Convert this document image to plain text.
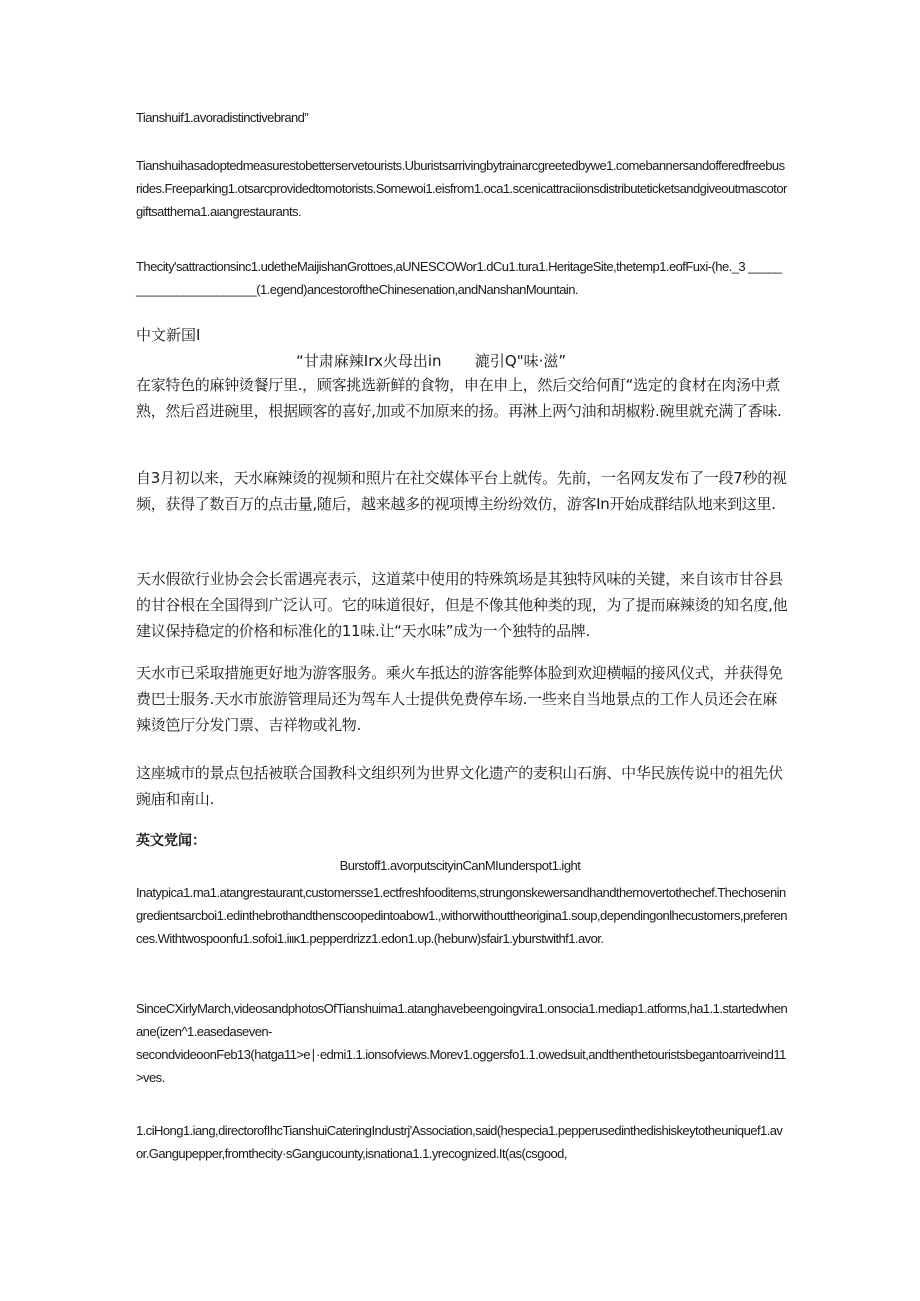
Tianshuif1.avoradistinctivebrand”

Tianshuihasadoptedmeasurestobetterservetourists.Uburistsarrivingbytrainarcgreetedbywe1.comebannersandofferedfreebusrides.Freeparking1.otsarcprovidedtomotorists.Somewoi1.eisfrom1.oca1.scenicattraciionsdistributeticketsandgiveoutmascotorgiftsatthema1.aιangrestaurants.

Thecity'sattractionsinc1.udetheMaijishanGrottoes,aUNESCOWor1.dCu1.tura1.HeritageSite,thetemp1.eofFuxi-(he._3 _______________________(1.egend)ancestoroftheChinesenation,andNanshanMountain.

中文新国I

“甘肃麻辣Irx火母出in       漉引Q"味·滋”

在家特色的麻钟烫餐厅里.，顾客挑选新鲜的食物，申在申上，然后交给何酊“选定的食材在肉汤中煮熟，然后舀进碗里，根据顾客的喜好,加或不加原来的扬。再淋上两勺油和胡椒粉.碗里就充满了香味.

自3月初以来，天水麻辣烫的视频和照片在社交媒体平台上就传。先前，一名网友发布了一段7秒的视频，获得了数百万的点击量,随后，越来越多的视项博主纷纷效仿，游客In开始成群结队地来到这里.

天水假欲行业协会会长雷遇亮表示，这道菜中使用的特殊筑场是其独特风味的关键，来自该市甘谷县的甘谷根在全国得到广泛认可。它的味道很好，但是不像其他种类的现，为了提而麻辣烫的知名度,他建议保持稳定的价格和标准化的11味.让“天水味”成为一个独特的品牌.

天水市已采取措施更好地为游客服务。乘火车抵达的游客能弊体脸到欢迎横幅的接风仪式，并获得免费巴士服务.天水市旅游管理局还为驾车人士提供免费停车场.一些来自当地景点的工作人员还会在麻辣烫笆厅分发门票、吉祥物或礼物.

这座城市的景点包括被联合国教科文组织列为世界文化遗产的麦积山石旃、中华民族传说中的祖先伏豌庙和南山.

英文党闻：

Burstoff1.avorputscityinCanMIunderspot1.ight

Inatypica1.ma1.atangrestaurant,customersse1.ectfreshfooditems,strungonskewersandhandthemovertothechef.Thechoseningredientsarcboi1.edinthebrothandthenscoopedintoabow1.,withorwithouttheorigina1.soup,dependingonlhecustomers,preferences.Withtwospoonfu1.sofoi1.iιικ1.pepperdrizz1.edon1.υp.(heburw)sfair1.yburstwithf1.avor.

SinceCXirlyMarch,videosandphotosOfTianshuima1.atanghavebeengoingvira1.onsocia1.mediap1.atforms,ha1.1.startedwhenane(izen^1.easedaseven-

secondvideoonFeb13(hatga11>e∣·edmi1.1.ionsofviews.Morev1.oggersfo1.1.owedsuit,andthenthetouristsbegantoarriveind11>ves.

1.ciHong1.iang,directorofIhcTianshuiCateringIndustrj'Association,said(hespecia1.pepperusedinthedishiskeytotheuniquef1.avor.Gangupepper,fromthecity·sGangucounty,isnationa1.1.yrecognized.It(as(csgood,
